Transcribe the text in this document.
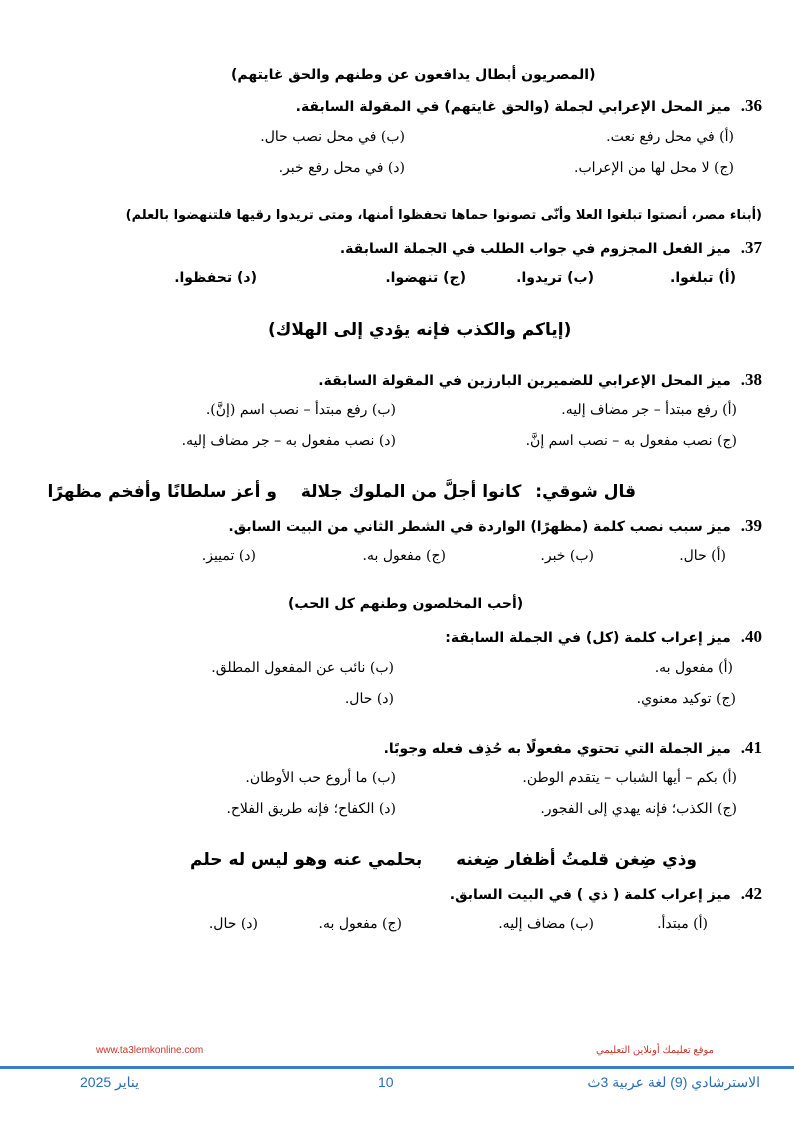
(المصريون أبطال يدافعون عن وطنهم والحق غايتهم)
36.ميز المحل الإعرابي لجملة (والحق غايتهم) في المقولة السابقة.
(أ) في محل رفع نعت.
(ب) في محل نصب حال.
(ج) لا محل لها من الإعراب.
(د) في محل رفع خبر.
(أبناء مصر، أنصتوا تبلغوا العلا وأنّى تصونوا حماها تحفظوا أمنها، ومتى تريدوا رقيها فلتنهضوا بالعلم)
37.ميز الفعل المجزوم في جواب الطلب في الجملة السابقة.
(أ) تبلغوا.
(ب) تريدوا.
(ج) تنهضوا.
(د) تحفظوا.
(إياكم والكذب فإنه يؤدي إلى الهلاك)
38.ميز المحل الإعرابي للضميرين البارزين في المقولة السابقة.
(أ) رفع مبتدأ – جر مضاف إليه.
(ب) رفع مبتدأ – نصب اسم (إنَّ).
(ج) نصب مفعول به – نصب اسم إنَّ.
(د) نصب مفعول به – جر مضاف إليه.
قال شوقي: كانوا أجلَّ من الملوك جلالة و أعز سلطانًا وأفخم مظهرًا
39.ميز سبب نصب كلمة (مظهرًا) الواردة في الشطر الثاني من البيت السابق.
(أ) حال.
(ب) خبر.
(ج) مفعول به.
(د) تمييز.
(أحب المخلصون وطنهم كل الحب)
40.ميز إعراب كلمة (كل) في الجملة السابقة:
(أ) مفعول به.
(ب) نائب عن المفعول المطلق.
(ج) توكيد معنوي.
(د) حال.
41.ميز الجملة التي تحتوي مفعولًا به حُذِف فعله وجوبًا.
(أ) بكم – أيها الشباب – يتقدم الوطن.
(ب) ما أروع حب الأوطان.
(ج) الكذب؛ فإنه يهدي إلى الفجور.
(د) الكفاح؛ فإنه طريق الفلاح.
وذي ضِغن قلمتُ أظفار ضِغنه بحلمي عنه وهو ليس له حلم
42.ميز إعراب كلمة ( ذي ) في البيت السابق.
(أ) مبتدأ.
(ب) مضاف إليه.
(ج) مفعول به.
(د) حال.
موقع تعليمك أونلاين التعليمي
www.ta3lemkonline.com
الاسترشادي (9) لغة عربية 3ث
10
يناير 2025
